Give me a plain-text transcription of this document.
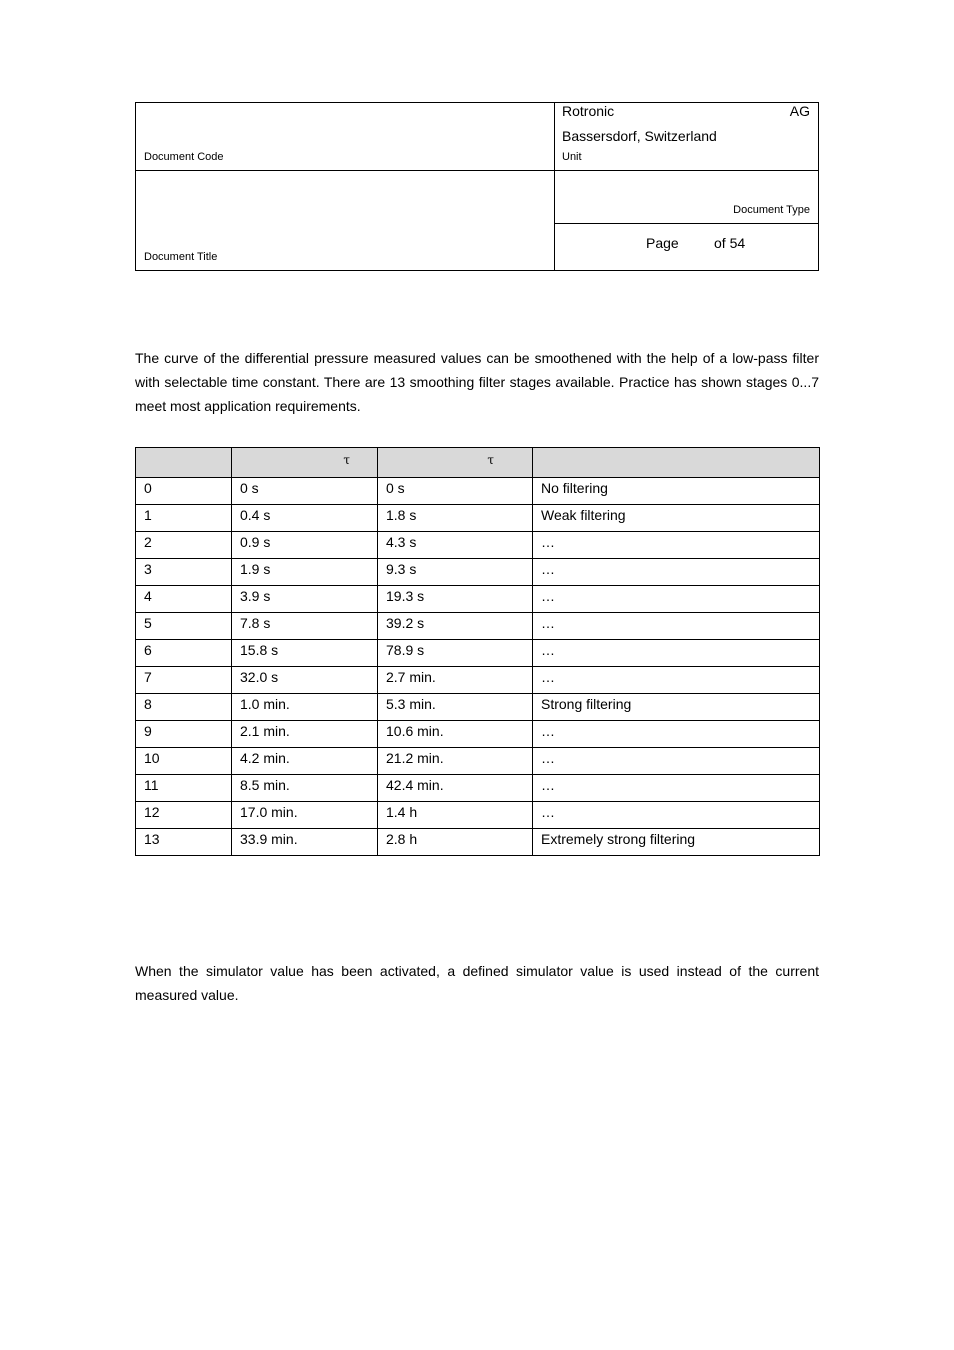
Rotronic	AG
Bassersdorf, Switzerland
Document Code	Unit
Document Type
Document Title
Page	of 54

The curve of the differential pressure measured values can be smoothened with the help of a low-pass filter with selectable time constant. There are 13 smoothing filter stages available. Practice has shown stages 0...7 meet most application requirements.

	τ	τ	
0	0 s	0 s	No filtering
1	0.4 s	1.8 s	Weak filtering
2	0.9 s	4.3 s	…
3	1.9 s	9.3 s	…
4	3.9 s	19.3 s	…
5	7.8 s	39.2 s	…
6	15.8 s	78.9 s	…
7	32.0 s	2.7 min.	…
8	1.0 min.	5.3 min.	Strong filtering
9	2.1 min.	10.6 min.	…
10	4.2 min.	21.2 min.	…
11	8.5 min.	42.4 min.	…
12	17.0 min.	1.4 h	…
13	33.9 min.	2.8 h	Extremely strong filtering

When the simulator value has been activated, a defined simulator value is used instead of the current measured value.
